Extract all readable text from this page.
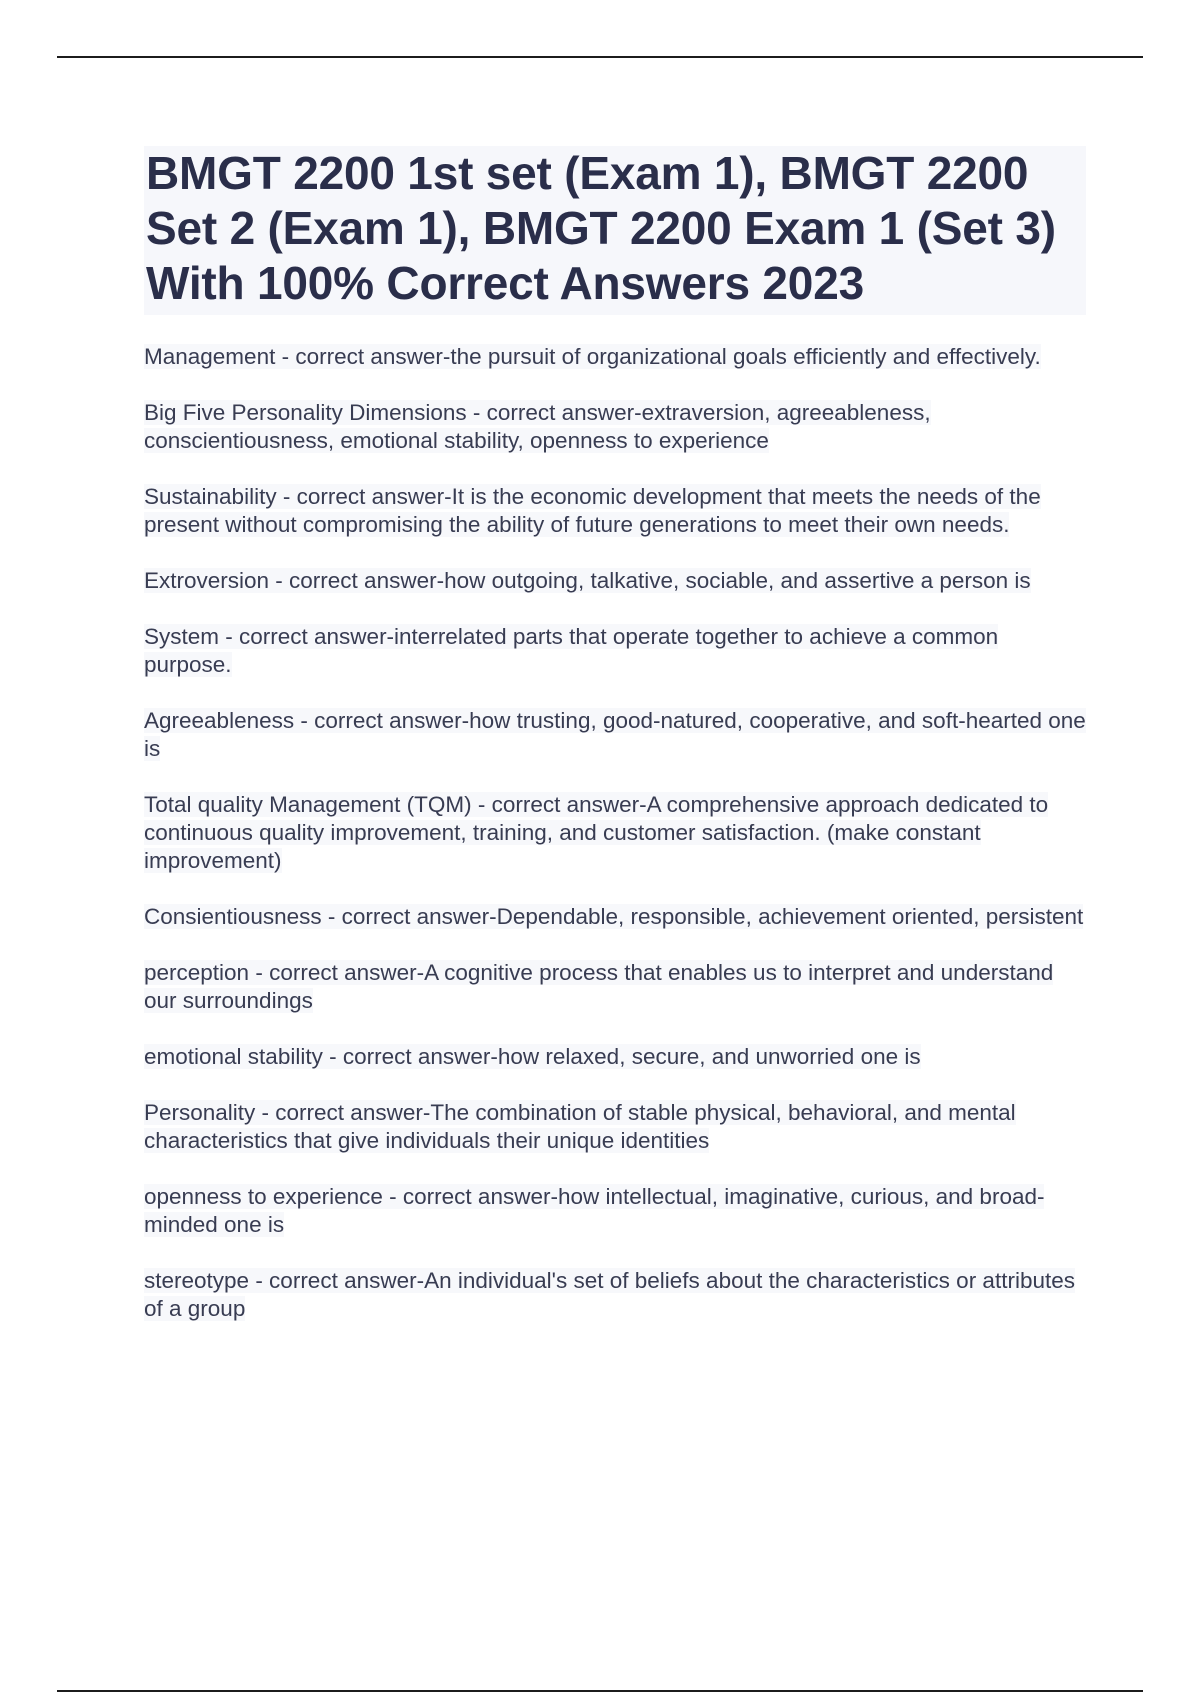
BMGT 2200 1st set (Exam 1), BMGT 2200 Set 2 (Exam 1), BMGT 2200 Exam 1 (Set 3) With 100% Correct Answers 2023
Management - correct answer-the pursuit of organizational goals efficiently and effectively.
Big Five Personality Dimensions - correct answer-extraversion, agreeableness, conscientiousness, emotional stability, openness to experience
Sustainability - correct answer-It is the economic development that meets the needs of the present without compromising the ability of future generations to meet their own needs.
Extroversion - correct answer-how outgoing, talkative, sociable, and assertive a person is
System - correct answer-interrelated parts that operate together to achieve a common purpose.
Agreeableness - correct answer-how trusting, good-natured, cooperative, and soft-hearted one is
Total quality Management (TQM) - correct answer-A comprehensive approach dedicated to continuous quality improvement, training, and customer satisfaction. (make constant improvement)
Consientiousness - correct answer-Dependable, responsible, achievement oriented, persistent
perception - correct answer-A cognitive process that enables us to interpret and understand our surroundings
emotional stability - correct answer-how relaxed, secure, and unworried one is
Personality - correct answer-The combination of stable physical, behavioral, and mental characteristics that give individuals their unique identities
openness to experience - correct answer-how intellectual, imaginative, curious, and broad-minded one is
stereotype - correct answer-An individual's set of beliefs about the characteristics or attributes of a group
